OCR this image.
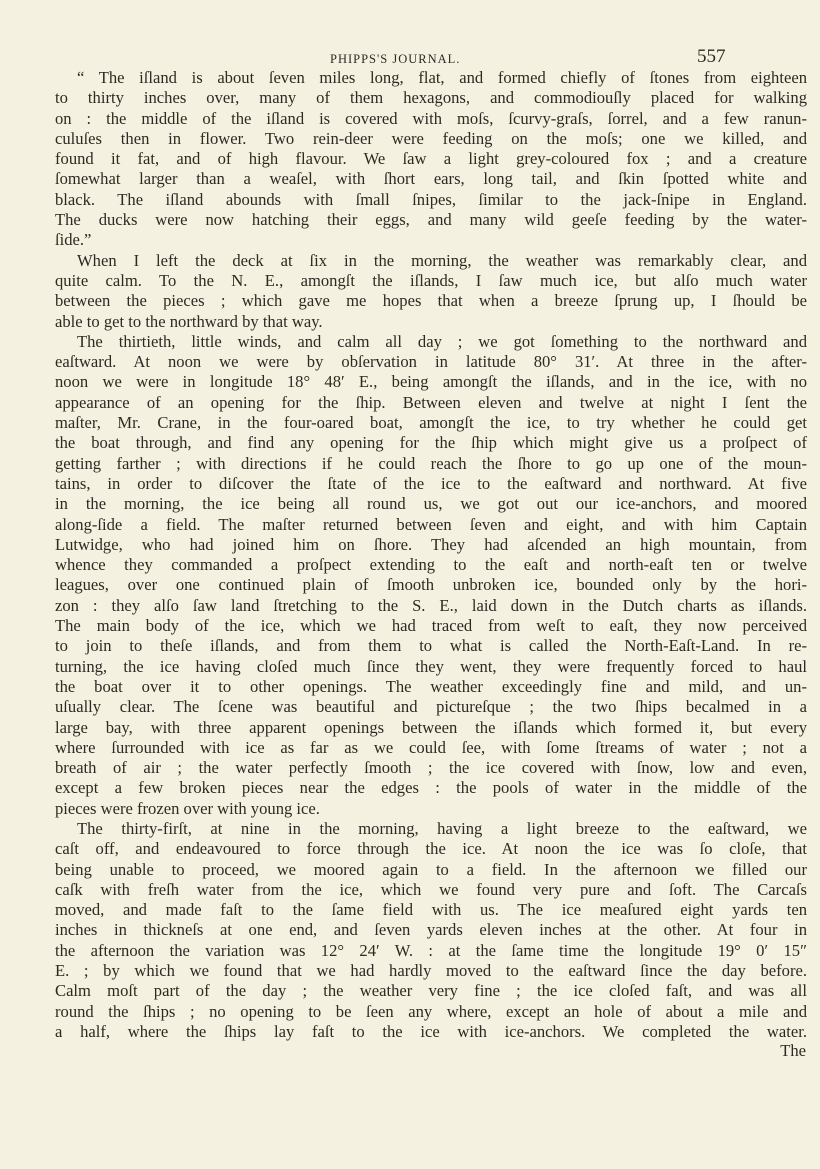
PHIPPS'S JOURNAL.	557
“ The iſland is about ſeven miles long, flat, and formed chiefly of ſtones from eighteen
to thirty inches over, many of them hexagons, and commodiouſly placed for walking
on : the middle of the iſland is covered with moſs, ſcurvy-graſs, ſorrel, and a few ranun-
culuſes then in flower. Two rein-deer were feeding on the moſs; one we killed, and
found it fat, and of high flavour. We ſaw a light grey-coloured fox ; and a creature
ſomewhat larger than a weaſel, with ſhort ears, long tail, and ſkin ſpotted white and
black. The iſland abounds with ſmall ſnipes, ſimilar to the jack-ſnipe in England.
The ducks were now hatching their eggs, and many wild geeſe feeding by the water-
ſide.”
When I left the deck at ſix in the morning, the weather was remarkably clear, and
quite calm. To the N. E., amongſt the iſlands, I ſaw much ice, but alſo much water
between the pieces ; which gave me hopes that when a breeze ſprung up, I ſhould be
able to get to the northward by that way.
The thirtieth, little winds, and calm all day ; we got ſomething to the northward and
eaſtward. At noon we were by obſervation in latitude 80° 31′. At three in the after-
noon we were in longitude 18° 48′ E., being amongſt the iſlands, and in the ice, with no
appearance of an opening for the ſhip. Between eleven and twelve at night I ſent the
maſter, Mr. Crane, in the four-oared boat, amongſt the ice, to try whether he could get
the boat through, and find any opening for the ſhip which might give us a proſpect of
getting farther ; with directions if he could reach the ſhore to go up one of the moun-
tains, in order to diſcover the ſtate of the ice to the eaſtward and northward. At five
in the morning, the ice being all round us, we got out our ice-anchors, and moored
along-ſide a field. The maſter returned between ſeven and eight, and with him Captain
Lutwidge, who had joined him on ſhore. They had aſcended an high mountain, from
whence they commanded a proſpect extending to the eaſt and north-eaſt ten or twelve
leagues, over one continued plain of ſmooth unbroken ice, bounded only by the hori-
zon : they alſo ſaw land ſtretching to the S. E., laid down in the Dutch charts as iſlands.
The main body of the ice, which we had traced from weſt to eaſt, they now perceived
to join to theſe iſlands, and from them to what is called the North-Eaſt-Land. In re-
turning, the ice having cloſed much ſince they went, they were frequently forced to haul
the boat over it to other openings. The weather exceedingly fine and mild, and un-
uſually clear. The ſcene was beautiful and pictureſque ; the two ſhips becalmed in a
large bay, with three apparent openings between the iſlands which formed it, but every
where ſurrounded with ice as far as we could ſee, with ſome ſtreams of water ; not a
breath of air ; the water perfectly ſmooth ; the ice covered with ſnow, low and even,
except a few broken pieces near the edges : the pools of water in the middle of the
pieces were frozen over with young ice.
The thirty-firſt, at nine in the morning, having a light breeze to the eaſtward, we
caſt off, and endeavoured to force through the ice. At noon the ice was ſo cloſe, that
being unable to proceed, we moored again to a field. In the afternoon we filled our
caſk with freſh water from the ice, which we found very pure and ſoft. The Carcaſs
moved, and made faſt to the ſame field with us. The ice meaſured eight yards ten
inches in thickneſs at one end, and ſeven yards eleven inches at the other. At four in
the afternoon the variation was 12° 24′ W. : at the ſame time the longitude 19° 0′ 15″
E. ; by which we found that we had hardly moved to the eaſtward ſince the day before.
Calm moſt part of the day ; the weather very fine ; the ice cloſed faſt, and was all
round the ſhips ; no opening to be ſeen any where, except an hole of about a mile and
a half, where the ſhips lay faſt to the ice with ice-anchors. We completed the water.
The
